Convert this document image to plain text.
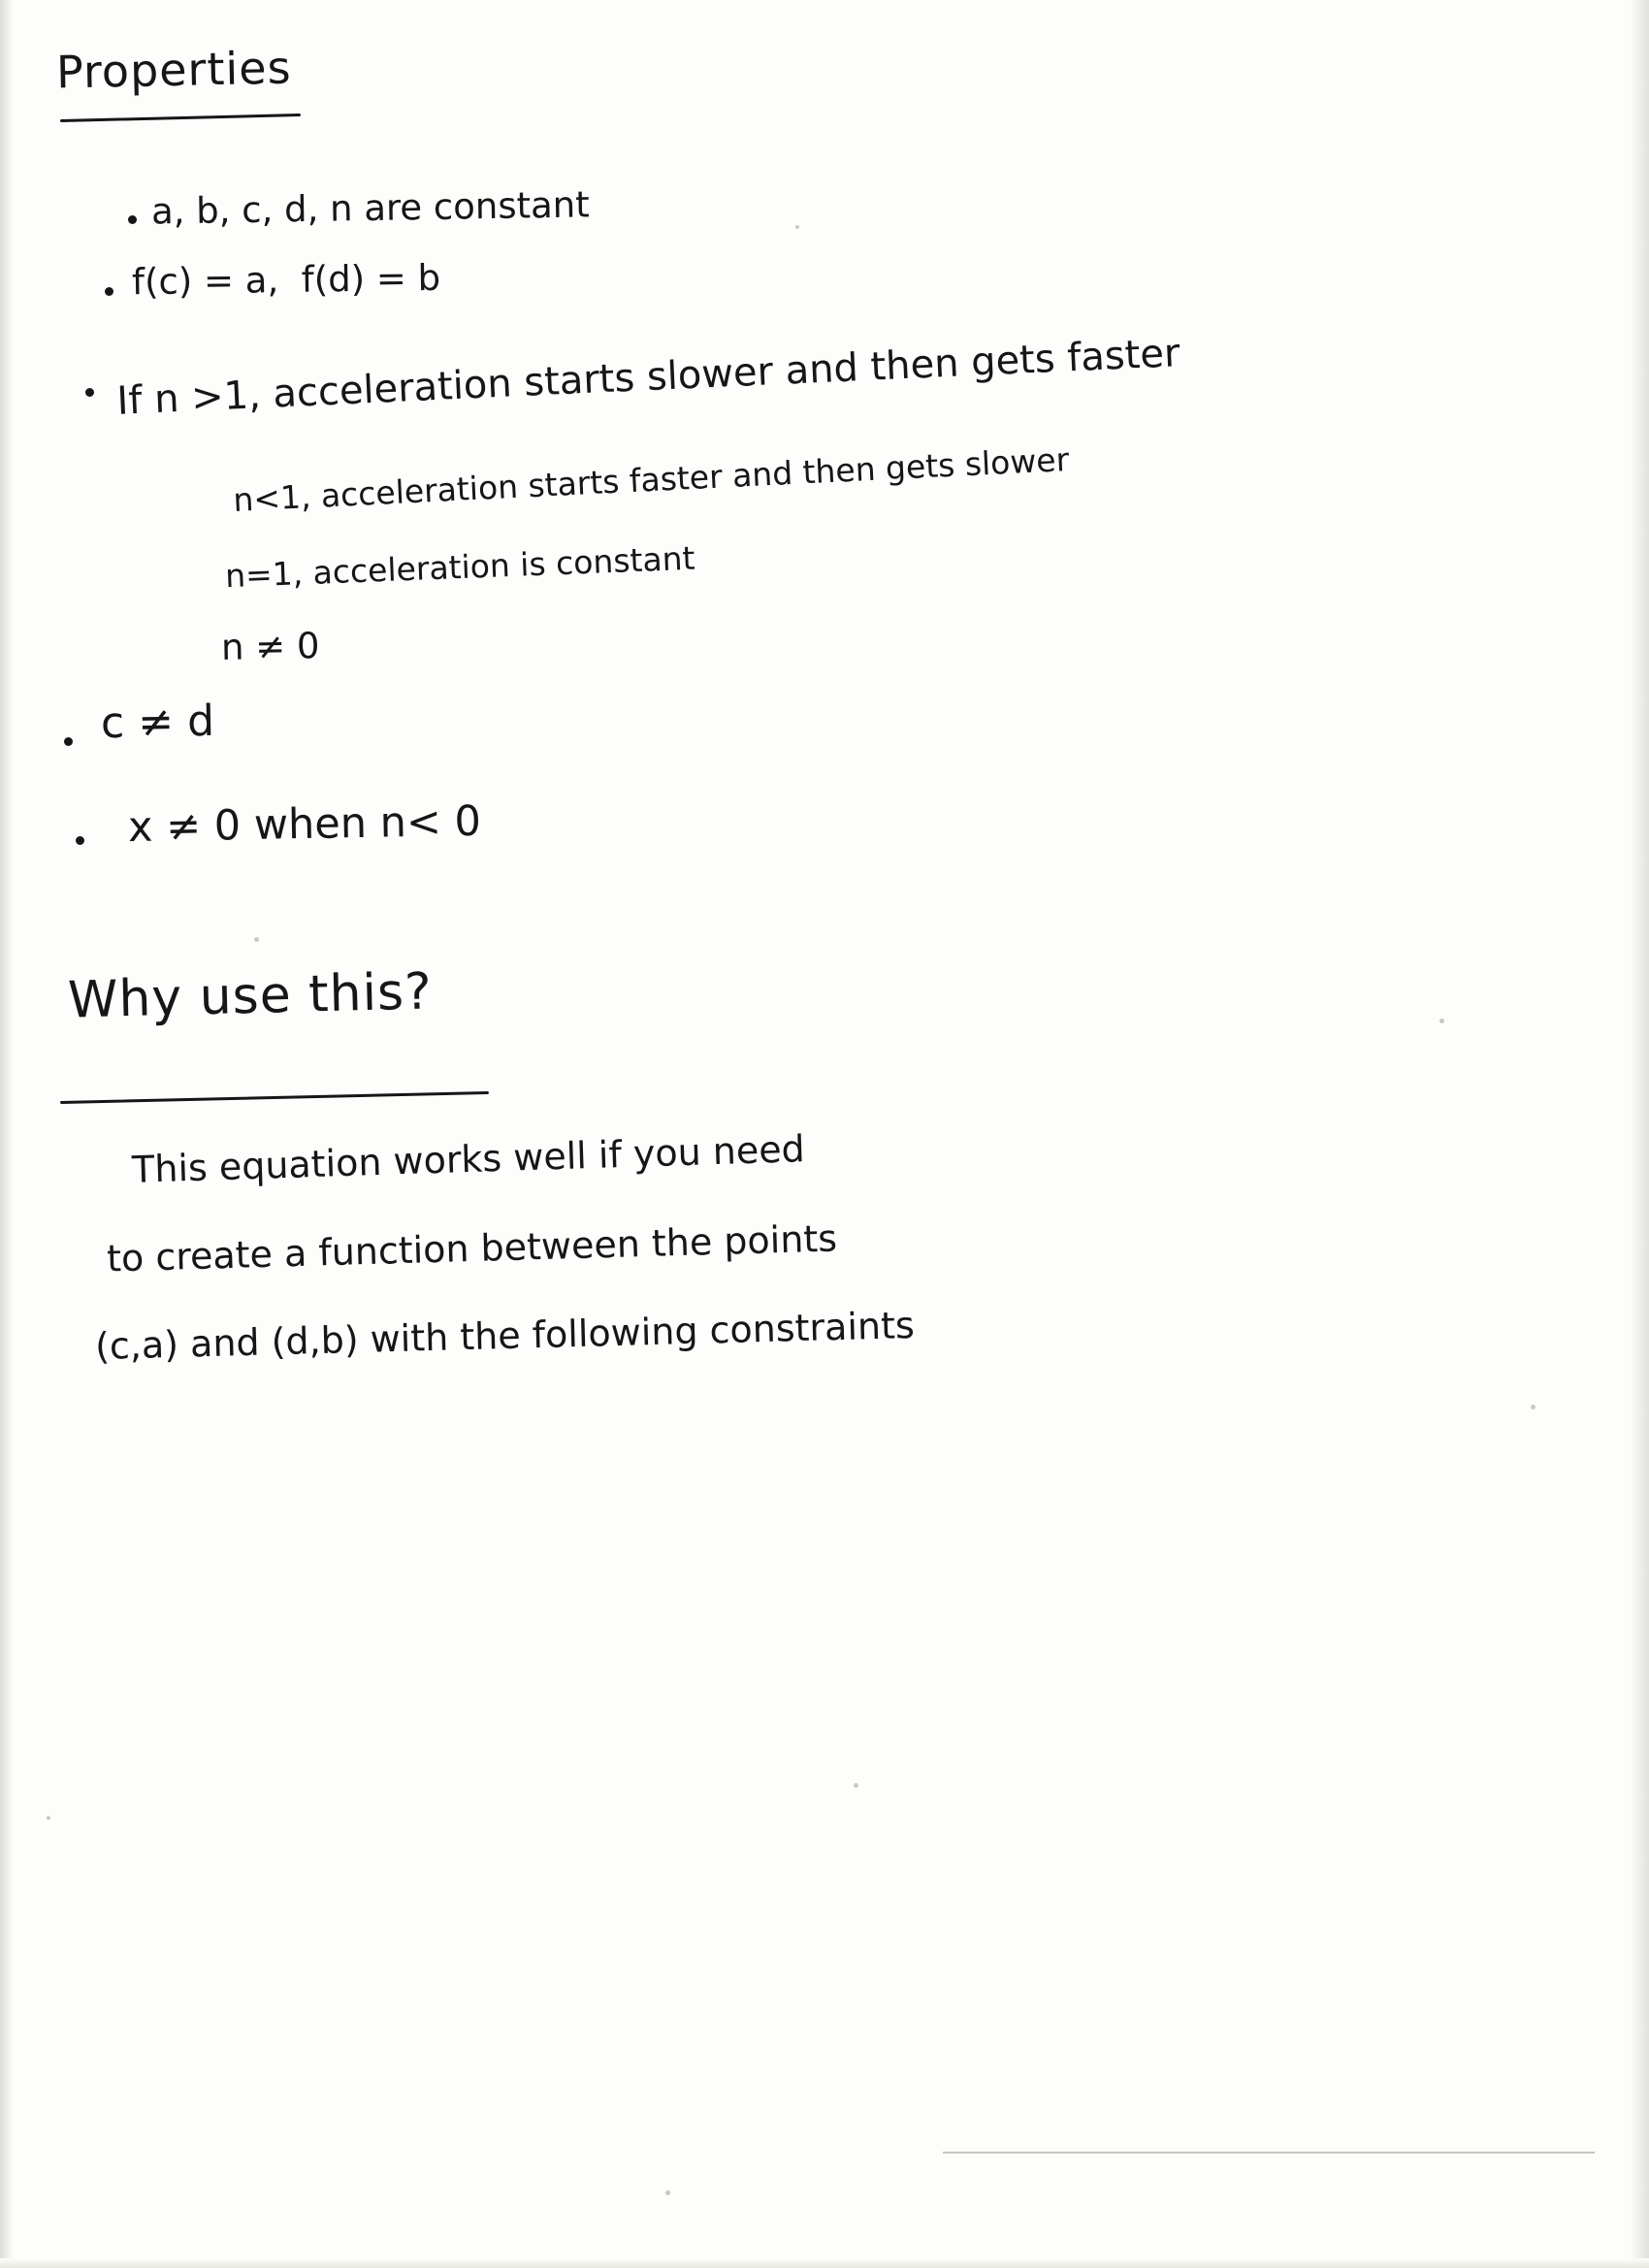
Properties
a, b, c, d, n are constant
f(c) = a,  f(d) = b
If n >1, acceleration starts slower and then gets faster
n<1, acceleration starts faster and then gets slower
n=1, acceleration is constant
n ≠ 0
c ≠ d
x ≠ 0 when n< 0
Why use this?
This equation works well if you need
to create a function between the points
(c,a) and (d,b) with the following constraints
